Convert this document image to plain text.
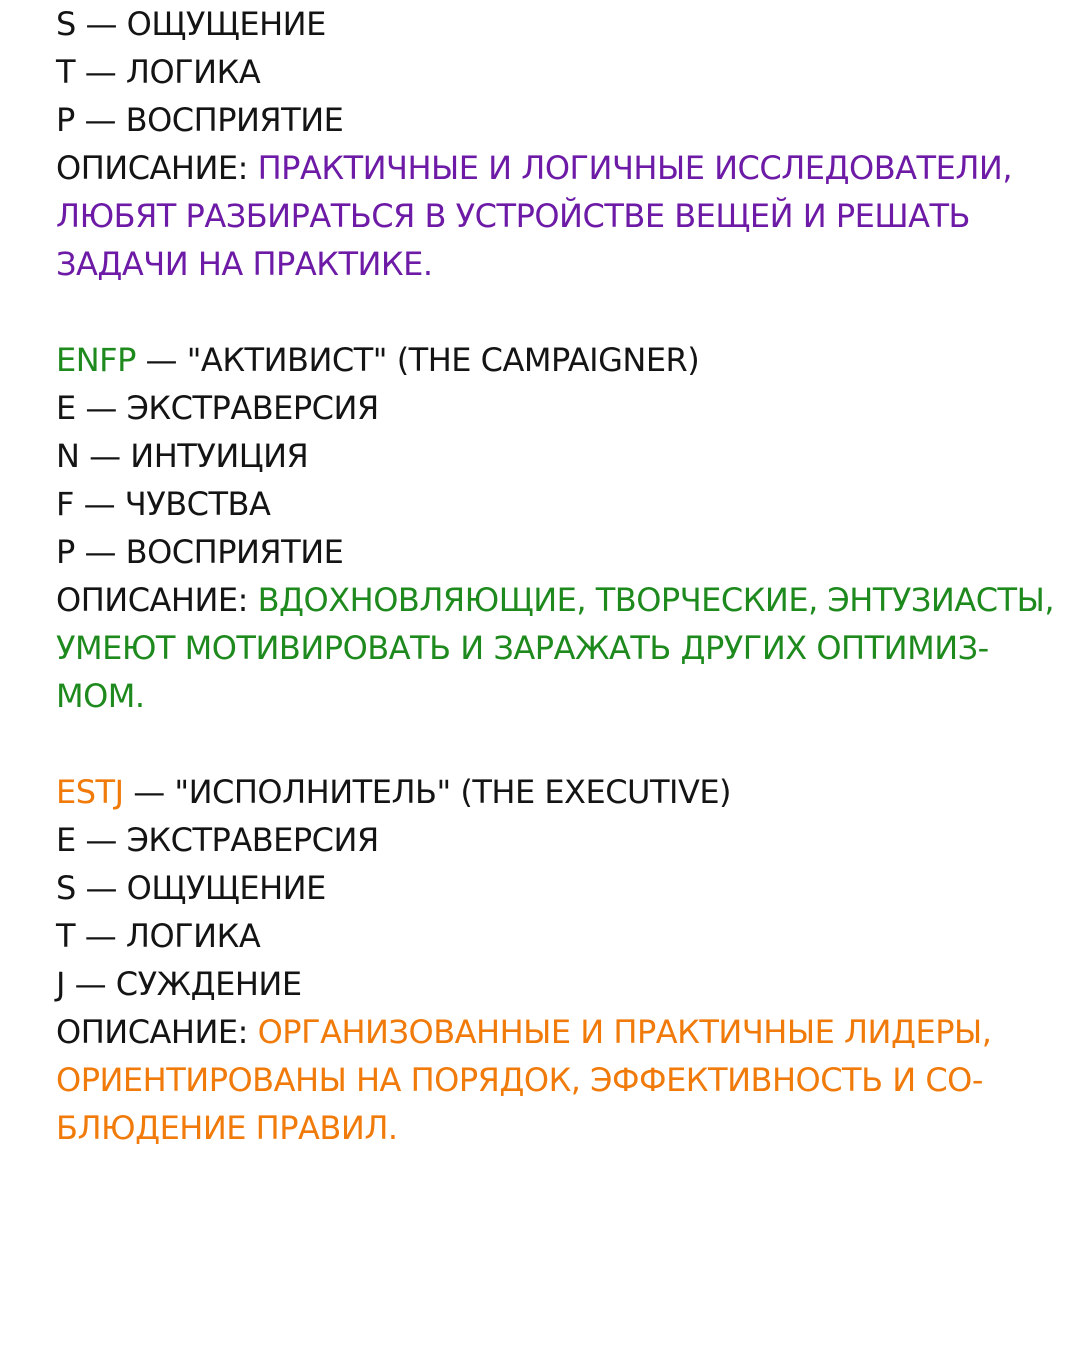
S — ОЩУЩЕНИЕ
T — ЛОГИКА
P — ВОСПРИЯТИЕ
ОПИСАНИЕ: ПРАКТИЧНЫЕ И ЛОГИЧНЫЕ ИССЛЕДОВАТЕЛИ,
ЛЮБЯТ РАЗБИРАТЬСЯ В УСТРОЙСТВЕ ВЕЩЕЙ И РЕШАТЬ
ЗАДАЧИ НА ПРАКТИКЕ.
ENFP — "АКТИВИСТ" (THE CAMPAIGNER)
E — ЭКСТРАВЕРСИЯ
N — ИНТУИЦИЯ
F — ЧУВСТВА
P — ВОСПРИЯТИЕ
ОПИСАНИЕ: ВДОХНОВЛЯЮЩИЕ, ТВОРЧЕСКИЕ, ЭНТУЗИАСТЫ,
УМЕЮТ МОТИВИРОВАТЬ И ЗАРАЖАТЬ ДРУГИХ ОПТИМИЗ-
МОМ.
ESTJ — "ИСПОЛНИТЕЛЬ" (THE EXECUTIVE)
E — ЭКСТРАВЕРСИЯ
S — ОЩУЩЕНИЕ
T — ЛОГИКА
J — СУЖДЕНИЕ
ОПИСАНИЕ: ОРГАНИЗОВАННЫЕ И ПРАКТИЧНЫЕ ЛИДЕРЫ,
ОРИЕНТИРОВАНЫ НА ПОРЯДОК, ЭФФЕКТИВНОСТЬ И СО-
БЛЮДЕНИЕ ПРАВИЛ.
